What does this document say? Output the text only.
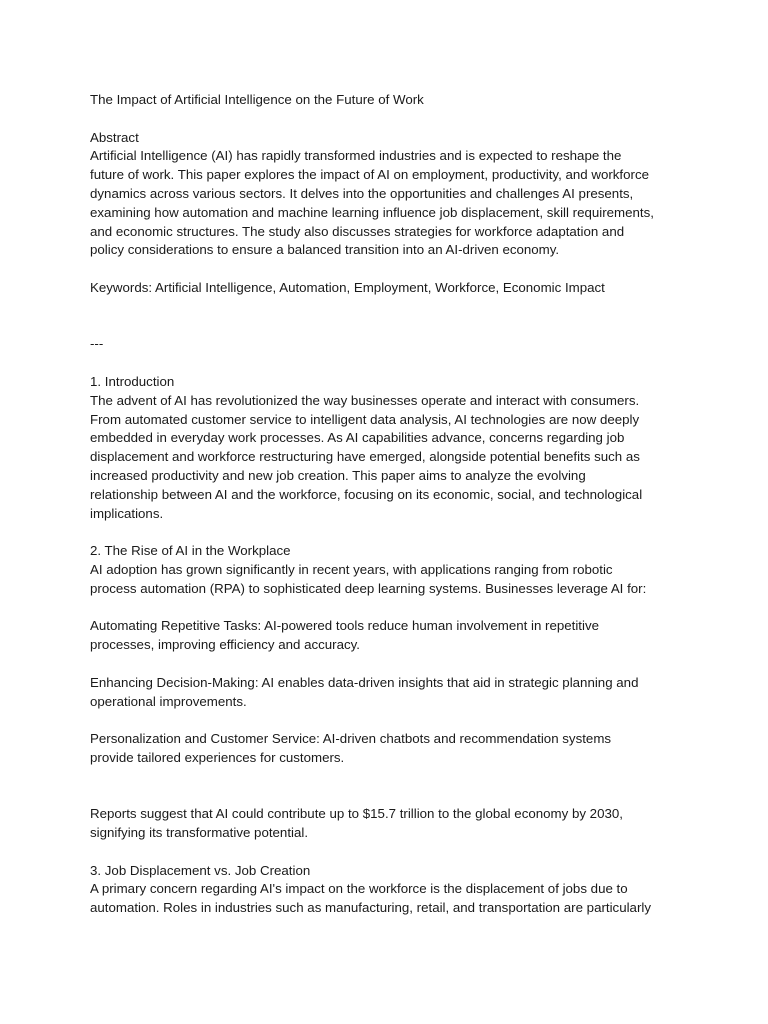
The Impact of Artificial Intelligence on the Future of Work

Abstract
Artificial Intelligence (AI) has rapidly transformed industries and is expected to reshape the
future of work. This paper explores the impact of AI on employment, productivity, and workforce
dynamics across various sectors. It delves into the opportunities and challenges AI presents,
examining how automation and machine learning influence job displacement, skill requirements,
and economic structures. The study also discusses strategies for workforce adaptation and
policy considerations to ensure a balanced transition into an AI-driven economy.
Keywords: Artificial Intelligence, Automation, Employment, Workforce, Economic Impact
---
1. Introduction
The advent of AI has revolutionized the way businesses operate and interact with consumers.
From automated customer service to intelligent data analysis, AI technologies are now deeply
embedded in everyday work processes. As AI capabilities advance, concerns regarding job
displacement and workforce restructuring have emerged, alongside potential benefits such as
increased productivity and new job creation. This paper aims to analyze the evolving
relationship between AI and the workforce, focusing on its economic, social, and technological
implications.
2. The Rise of AI in the Workplace
AI adoption has grown significantly in recent years, with applications ranging from robotic
process automation (RPA) to sophisticated deep learning systems. Businesses leverage AI for:
Automating Repetitive Tasks: AI-powered tools reduce human involvement in repetitive
processes, improving efficiency and accuracy.
Enhancing Decision-Making: AI enables data-driven insights that aid in strategic planning and
operational improvements.
Personalization and Customer Service: AI-driven chatbots and recommendation systems
provide tailored experiences for customers.
Reports suggest that AI could contribute up to $15.7 trillion to the global economy by 2030,
signifying its transformative potential.
3. Job Displacement vs. Job Creation
A primary concern regarding AI's impact on the workforce is the displacement of jobs due to
automation. Roles in industries such as manufacturing, retail, and transportation are particularly
